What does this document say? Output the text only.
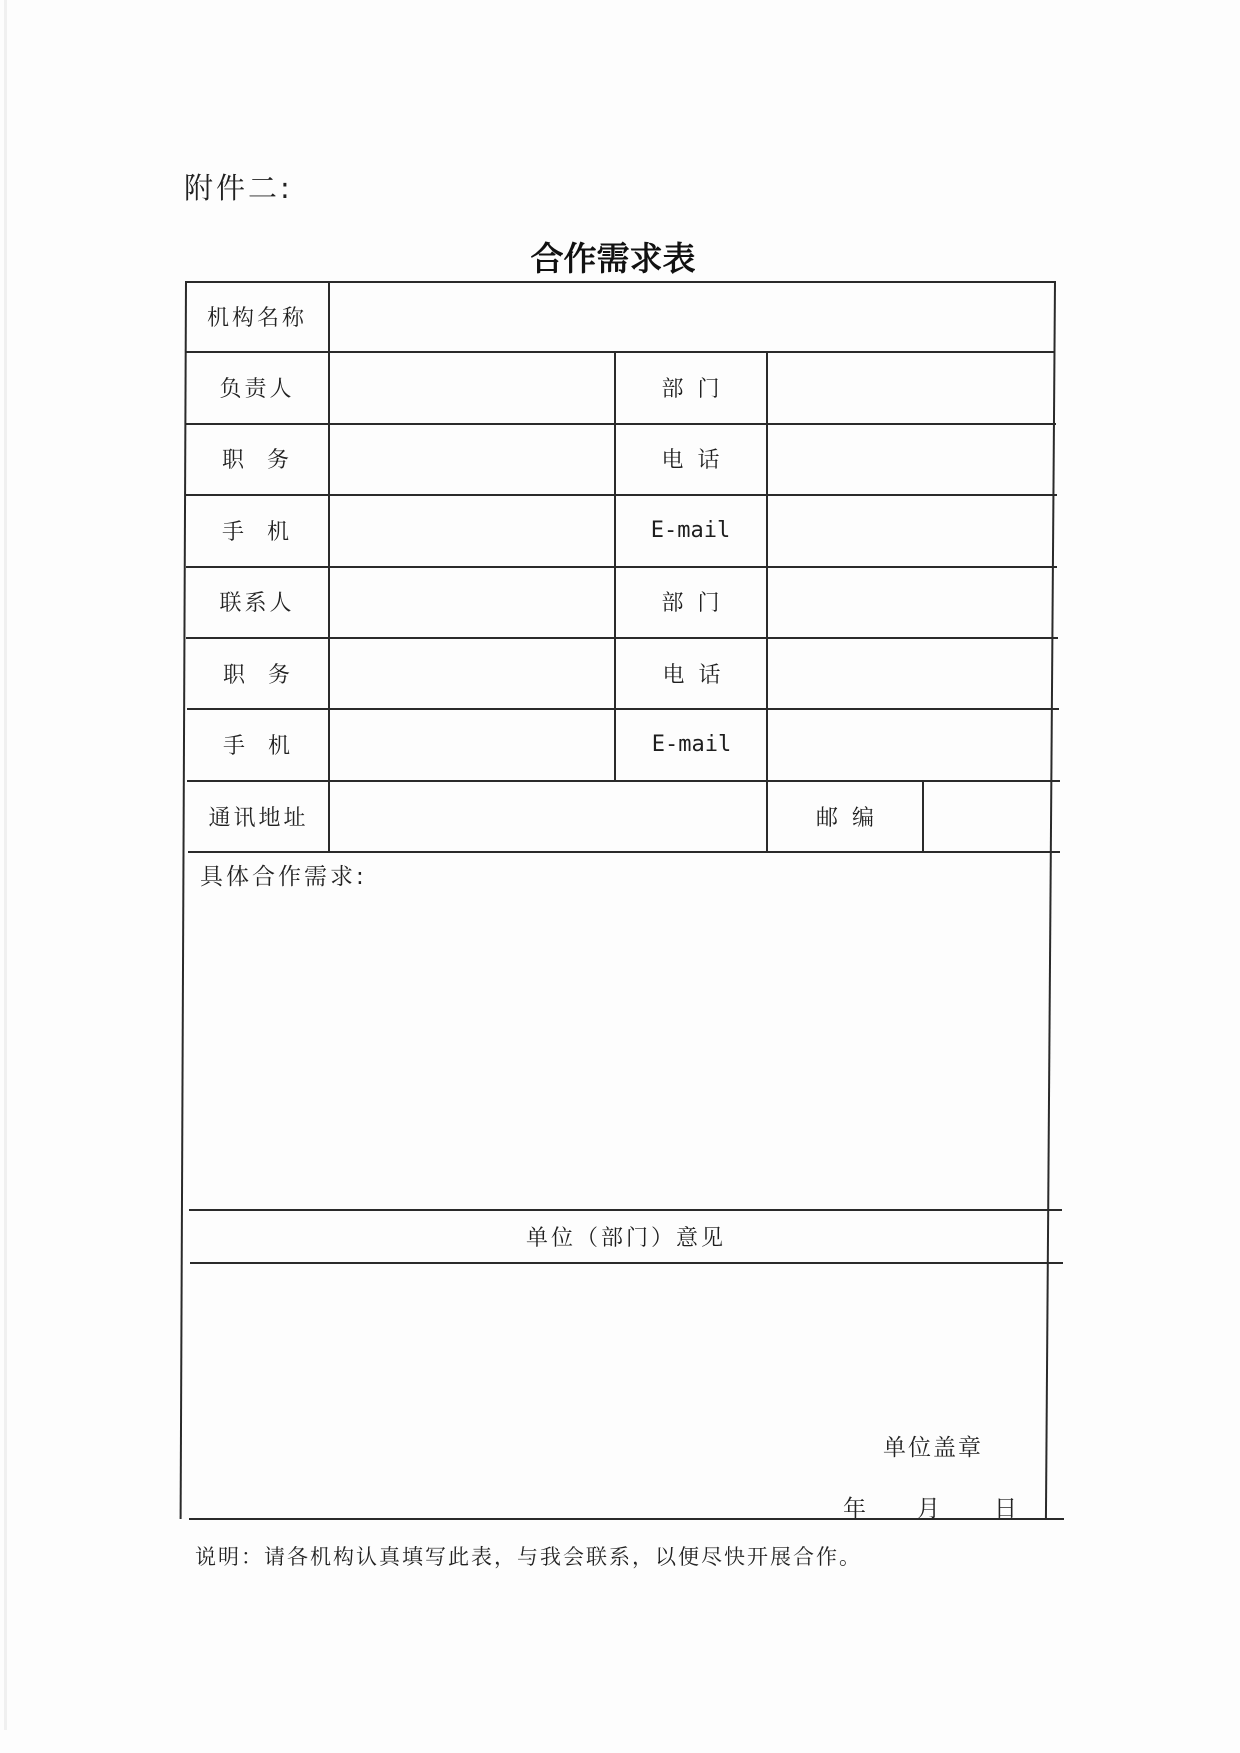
附件二:
合作需求表
机构名称
负责人	部  门
职  务	电  话
手  机	E-mail
联系人	部  门
职  务	电  话
手  机	E-mail
通讯地址	邮  编
具体合作需求:
单位（部门）意见
单位盖章
年 月 日
说明：请各机构认真填写此表，与我会联系，以便尽快开展合作。
